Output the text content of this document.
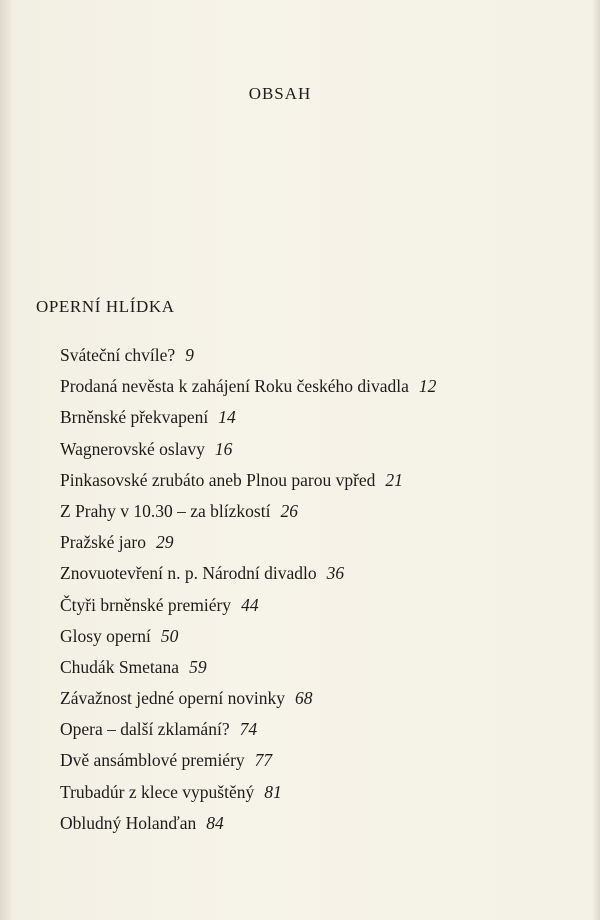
OBSAH
OPERNÍ HLÍDKA
Sváteční chvíle? 9
Prodaná nevěsta k zahájení Roku českého divadla 12
Brněnské překvapení 14
Wagnerovské oslavy 16
Pinkasovské zrubáto aneb Plnou parou vpřed 21
Z Prahy v 10.30 – za blízkostí 26
Pražské jaro 29
Znovuotevření n. p. Národní divadlo 36
Čtyři brněnské premiéry 44
Glosy operní 50
Chudák Smetana 59
Závažnost jedné operní novinky 68
Opera – další zklamání? 74
Dvě ansámblové premiéry 77
Trubadúr z klece vypuštěný 81
Obludný Holanďan 84
